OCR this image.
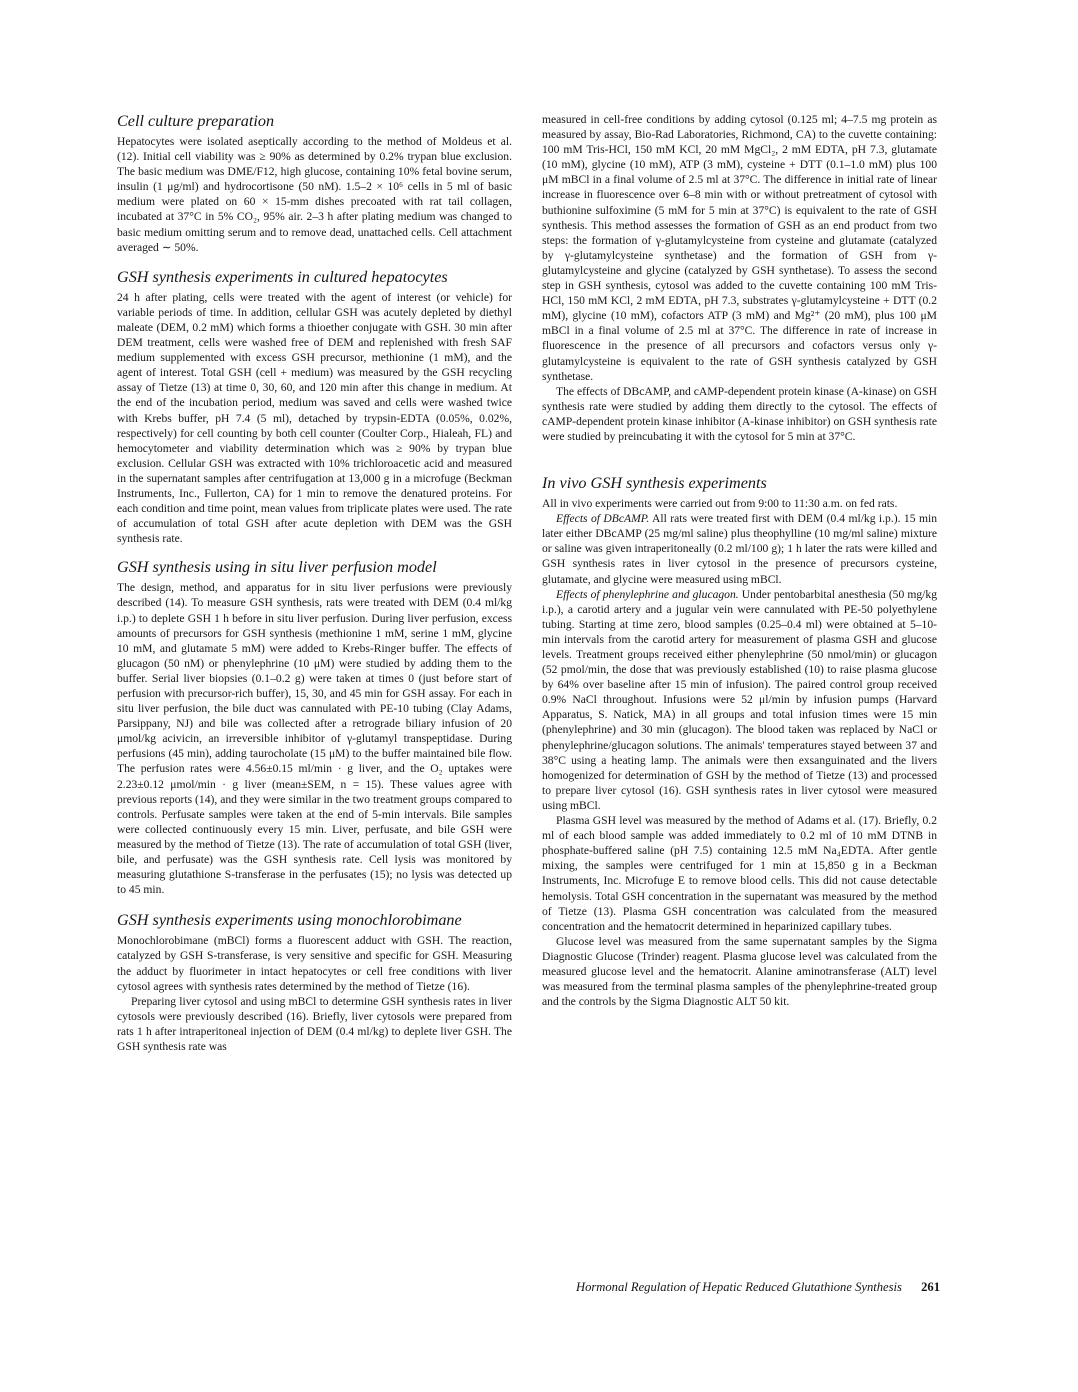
Cell culture preparation

Hepatocytes were isolated aseptically according to the method of Moldeus et al. (12). Initial cell viability was ≥ 90% as determined by 0.2% trypan blue exclusion. The basic medium was DME/F12, high glucose, containing 10% fetal bovine serum, insulin (1 μg/ml) and hydrocortisone (50 nM). 1.5–2 × 10⁶ cells in 5 ml of basic medium were plated on 60 × 15-mm dishes precoated with rat tail collagen, incubated at 37°C in 5% CO₂, 95% air. 2–3 h after plating medium was changed to basic medium omitting serum and to remove dead, unattached cells. Cell attachment averaged ∼ 50%.

GSH synthesis experiments in cultured hepatocytes

24 h after plating, cells were treated with the agent of interest (or vehicle) for variable periods of time. In addition, cellular GSH was acutely depleted by diethyl maleate (DEM, 0.2 mM) which forms a thioether conjugate with GSH. 30 min after DEM treatment, cells were washed free of DEM and replenished with fresh SAF medium supplemented with excess GSH precursor, methionine (1 mM), and the agent of interest. Total GSH (cell + medium) was measured by the GSH recycling assay of Tietze (13) at time 0, 30, 60, and 120 min after this change in medium. At the end of the incubation period, medium was saved and cells were washed twice with Krebs buffer, pH 7.4 (5 ml), detached by trypsin-EDTA (0.05%, 0.02%, respectively) for cell counting by both cell counter (Coulter Corp., Hialeah, FL) and hemocytometer and viability determination which was ≥ 90% by trypan blue exclusion. Cellular GSH was extracted with 10% trichloroacetic acid and measured in the supernatant samples after centrifugation at 13,000 g in a microfuge (Beckman Instruments, Inc., Fullerton, CA) for 1 min to remove the denatured proteins. For each condition and time point, mean values from triplicate plates were used. The rate of accumulation of total GSH after acute depletion with DEM was the GSH synthesis rate.

GSH synthesis using in situ liver perfusion model

The design, method, and apparatus for in situ liver perfusions were previously described (14). To measure GSH synthesis, rats were treated with DEM (0.4 ml/kg i.p.) to deplete GSH 1 h before in situ liver perfusion. During liver perfusion, excess amounts of precursors for GSH synthesis (methionine 1 mM, serine 1 mM, glycine 10 mM, and glutamate 5 mM) were added to Krebs-Ringer buffer. The effects of glucagon (50 nM) or phenylephrine (10 μM) were studied by adding them to the buffer. Serial liver biopsies (0.1–0.2 g) were taken at times 0 (just before start of perfusion with precursor-rich buffer), 15, 30, and 45 min for GSH assay. For each in situ liver perfusion, the bile duct was cannulated with PE-10 tubing (Clay Adams, Parsippany, NJ) and bile was collected after a retrograde biliary infusion of 20 μmol/kg acivicin, an irreversible inhibitor of γ-glutamyl transpeptidase. During perfusions (45 min), adding taurocholate (15 μM) to the buffer maintained bile flow. The perfusion rates were 4.56±0.15 ml/min · g liver, and the O₂ uptakes were 2.23±0.12 μmol/min · g liver (mean±SEM, n = 15). These values agree with previous reports (14), and they were similar in the two treatment groups compared to controls. Perfusate samples were taken at the end of 5-min intervals. Bile samples were collected continuously every 15 min. Liver, perfusate, and bile GSH were measured by the method of Tietze (13). The rate of accumulation of total GSH (liver, bile, and perfusate) was the GSH synthesis rate. Cell lysis was monitored by measuring glutathione S-transferase in the perfusates (15); no lysis was detected up to 45 min.

GSH synthesis experiments using monochlorobimane

Monochlorobimane (mBCl) forms a fluorescent adduct with GSH. The reaction, catalyzed by GSH S-transferase, is very sensitive and specific for GSH. Measuring the adduct by fluorimeter in intact hepatocytes or cell free conditions with liver cytosol agrees with synthesis rates determined by the method of Tietze (16).

Preparing liver cytosol and using mBCl to determine GSH synthesis rates in liver cytosols were previously described (16). Briefly, liver cytosols were prepared from rats 1 h after intraperitoneal injection of DEM (0.4 ml/kg) to deplete liver GSH. The GSH synthesis rate was

measured in cell-free conditions by adding cytosol (0.125 ml; 4–7.5 mg protein as measured by assay, Bio-Rad Laboratories, Richmond, CA) to the cuvette containing: 100 mM Tris-HCl, 150 mM KCl, 20 mM MgCl₂, 2 mM EDTA, pH 7.3, glutamate (10 mM), glycine (10 mM), ATP (3 mM), cysteine + DTT (0.1–1.0 mM) plus 100 μM mBCl in a final volume of 2.5 ml at 37°C. The difference in initial rate of linear increase in fluorescence over 6–8 min with or without pretreatment of cytosol with buthionine sulfoximine (5 mM for 5 min at 37°C) is equivalent to the rate of GSH synthesis. This method assesses the formation of GSH as an end product from two steps: the formation of γ-glutamylcysteine from cysteine and glutamate (catalyzed by γ-glutamylcysteine synthetase) and the formation of GSH from γ-glutamylcysteine and glycine (catalyzed by GSH synthetase). To assess the second step in GSH synthesis, cytosol was added to the cuvette containing 100 mM Tris-HCl, 150 mM KCl, 2 mM EDTA, pH 7.3, substrates γ-glutamylcysteine + DTT (0.2 mM), glycine (10 mM), cofactors ATP (3 mM) and Mg²⁺ (20 mM), plus 100 μM mBCl in a final volume of 2.5 ml at 37°C. The difference in rate of increase in fluorescence in the presence of all precursors and cofactors versus only γ-glutamylcysteine is equivalent to the rate of GSH synthesis catalyzed by GSH synthetase.

The effects of DBcAMP, and cAMP-dependent protein kinase (A-kinase) on GSH synthesis rate were studied by adding them directly to the cytosol. The effects of cAMP-dependent protein kinase inhibitor (A-kinase inhibitor) on GSH synthesis rate were studied by preincubating it with the cytosol for 5 min at 37°C.

In vivo GSH synthesis experiments

All in vivo experiments were carried out from 9:00 to 11:30 a.m. on fed rats.

Effects of DBcAMP. All rats were treated first with DEM (0.4 ml/kg i.p.). 15 min later either DBcAMP (25 mg/ml saline) plus theophylline (10 mg/ml saline) mixture or saline was given intraperitoneally (0.2 ml/100 g); 1 h later the rats were killed and GSH synthesis rates in liver cytosol in the presence of precursors cysteine, glutamate, and glycine were measured using mBCl.

Effects of phenylephrine and glucagon. Under pentobarbital anesthesia (50 mg/kg i.p.), a carotid artery and a jugular vein were cannulated with PE-50 polyethylene tubing. Starting at time zero, blood samples (0.25–0.4 ml) were obtained at 5–10-min intervals from the carotid artery for measurement of plasma GSH and glucose levels. Treatment groups received either phenylephrine (50 nmol/min) or glucagon (52 pmol/min, the dose that was previously established (10) to raise plasma glucose by 64% over baseline after 15 min of infusion). The paired control group received 0.9% NaCl throughout. Infusions were 52 μl/min by infusion pumps (Harvard Apparatus, S. Natick, MA) in all groups and total infusion times were 15 min (phenylephrine) and 30 min (glucagon). The blood taken was replaced by NaCl or phenylephrine/glucagon solutions. The animals' temperatures stayed between 37 and 38°C using a heating lamp. The animals were then exsanguinated and the livers homogenized for determination of GSH by the method of Tietze (13) and processed to prepare liver cytosol (16). GSH synthesis rates in liver cytosol were measured using mBCl.

Plasma GSH level was measured by the method of Adams et al. (17). Briefly, 0.2 ml of each blood sample was added immediately to 0.2 ml of 10 mM DTNB in phosphate-buffered saline (pH 7.5) containing 12.5 mM Na₄EDTA. After gentle mixing, the samples were centrifuged for 1 min at 15,850 g in a Beckman Instruments, Inc. Microfuge E to remove blood cells. This did not cause detectable hemolysis. Total GSH concentration in the supernatant was measured by the method of Tietze (13). Plasma GSH concentration was calculated from the measured concentration and the hematocrit determined in heparinized capillary tubes.

Glucose level was measured from the same supernatant samples by the Sigma Diagnostic Glucose (Trinder) reagent. Plasma glucose level was calculated from the measured glucose level and the hematocrit. Alanine aminotransferase (ALT) level was measured from the terminal plasma samples of the phenylephrine-treated group and the controls by the Sigma Diagnostic ALT 50 kit.

Hormonal Regulation of Hepatic Reduced Glutathione Synthesis 261
